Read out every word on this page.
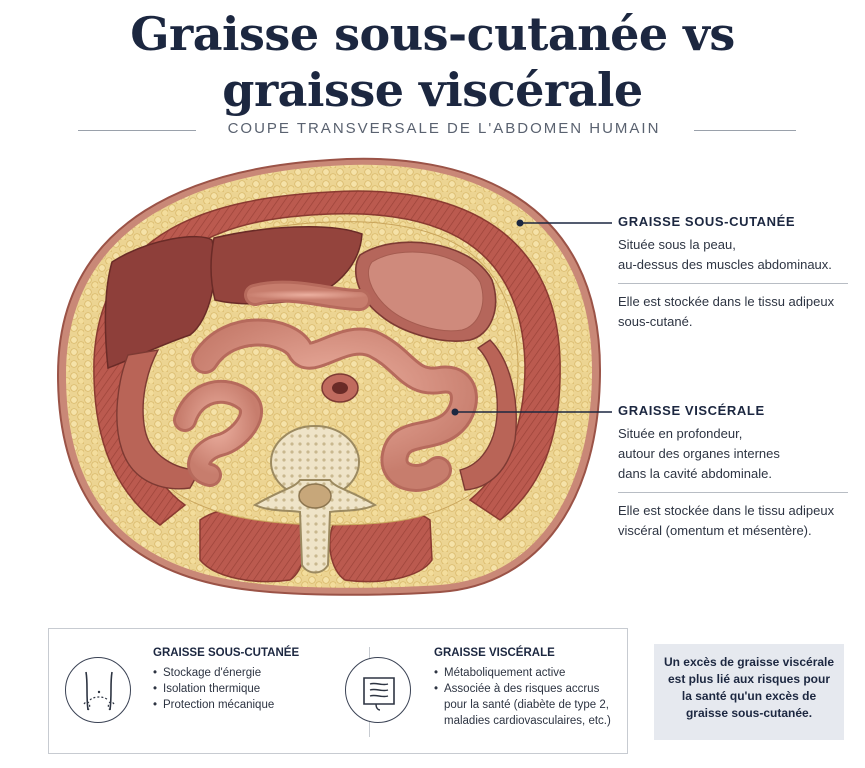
Graisse sous-cutanée vs
graisse viscérale
COUPE TRANSVERSALE DE L'ABDOMEN HUMAIN
GRAISSE SOUS-CUTANÉE
Située sous la peau,
au-dessus des muscles abdominaux.
Elle est stockée dans le tissu adipeux
sous-cutané.
GRAISSE VISCÉRALE
Située en profondeur,
autour des organes internes
dans la cavité abdominale.
Elle est stockée dans le tissu adipeux
viscéral (omentum et mésentère).
GRAISSE SOUS-CUTANÉE
• Stockage d'énergie
• Isolation thermique
• Protection mécanique
GRAISSE VISCÉRALE
• Métaboliquement active
• Associée à des risques accrus
pour la santé (diabète de type 2,
maladies cardiovasculaires, etc.)
Un excès de graisse viscérale
est plus lié aux risques pour
la santé qu'un excès de
graisse sous-cutanée.
